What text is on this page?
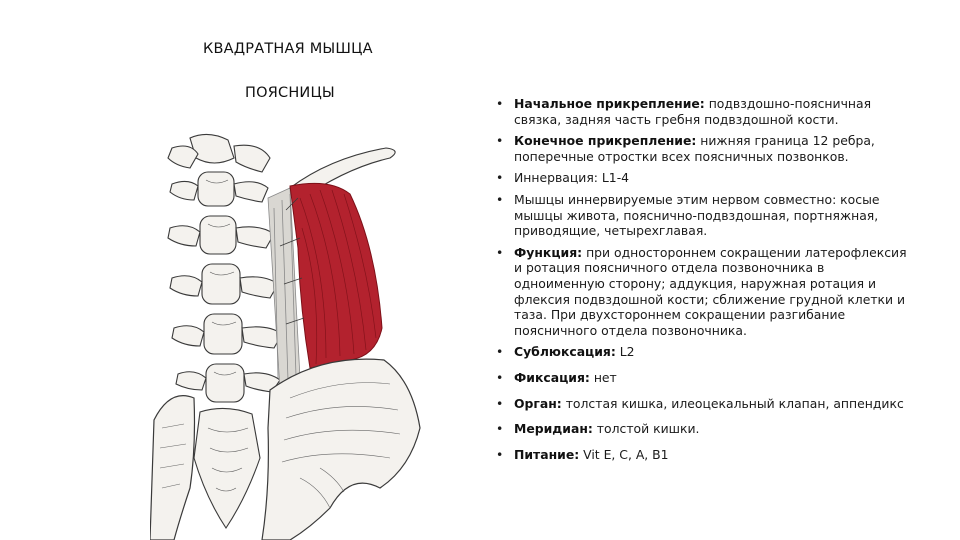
КВАДРАТНАЯ МЫШЦА
ПОЯСНИЦЫ
• Начальное прикрепление: подвздошно-поясничная связка, задняя часть гребня подвздошной кости.
• Конечное прикрепление: нижняя граница 12 ребра, поперечные отростки всех поясничных позвонков.
• Иннервация: L1-4
• Мышцы иннервируемые этим нервом совместно: косые мышцы живота, пояснично-подвздошная, портняжная, приводящие, четырехглавая.
• Функция: при одностороннем сокращении латерофлексия и ротация поясничного отдела позвоночника в одноименную сторону; аддукция, наружная ротация и флексия подвздошной кости; сближение грудной клетки и таза. При двухстороннем сокращении разгибание поясничного отдела позвоночника.
• Сублюксация: L2
• Фиксация: нет
• Орган: толстая кишка, илеоцекальный клапан, аппендикс
• Меридиан: толстой кишки.
• Питание: Vit E, C, A, B1
